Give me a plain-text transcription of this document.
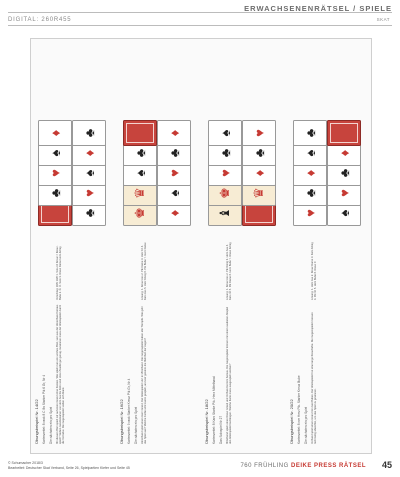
DIGITAL: 260R455
ERWACHSENENRÄTSEL / SPIELE
SKAT
Übungsbeispiel Nr. 14/22 Kartenzettel: 8 rank 8 C 8n Starker Pik 6 Gr, Nr 4 Die nächsten ein pro Spiel Mit diesem Blatt spielt wir auf einen Grand ohne Zweien. Wie spielt man ein solches Blatt, wer aus der Hinterhand heraus spielt? Sieben Gewinnkarten von Herz Ass bis Zehn sind ohne Zweifel gut genug. Gewinnen muss der Alleinspieler durch die Vorrücke. Die Gegenspieler stellen sich blank.
Vorschlag: 18/3 13/8 1. Solo-10 Kreuz-7 Kreuz-Bube 2. D. Ö. Nein 3. Kreuz Dame Herz-König
♣
♥
♠
♦
♣
♥
♠
♦
♣
Übungsbeispiel Nr. 16/22 Kartenzettel: 9 rank Starker Kreuz Pik Gr, Nr 4 Die nächsten ein pro Spiel Hinterhand spielt einen Herz Grand, Der Alleinspieler sitzt in Mittelhand. Die Gegenspieler haben alle Trümpfe. Wie geht das Spiel aus? Welche Farbe wird zuerst gespielt, und wer gewinnt die Mehrheit der Augen?
Lösung: 1. Kreuz Ass 2. Pik Dame 3. Herz 10 4. Karo Ass 5. Herz König 6. Pik Bube 7. Herz Dame
♚
♛
♠
♣
♦
♠
♥
♣
♦
Übungsbeispiel Nr. 18/22 Kartenzettel: 8 Karo Starke Pik. Herz Mittelhand Das Solospiel Nr 27 Mittelhand spielt einen Kreuz Grand und Vorhand kommt heraus. Die Gegenspieler können mit einem sauberen Abspiel den Alleinspieler bedrängen. Welche Karte muss ausgespielt werden?
Lösung: 1. Kreuz Ass 2. Pik König 3. Herz Ass 4. Karo 10 5. Pik Dame 6. Herz Bube 7. Kreuz König
♝
♚
♥
♣
♠
♛
♦
♣
♥
Übungsbeispiel Nr. 20/22 Kartenzettel: 8 ner Herz Pik. Starker Kreuz Bube Die nächsten ein pro Spiel Vorhand spielt einen Grand mit zwei Buben. Der Alleinspieler hat eine lange Kreuzfarbe. Die Gegenspieler müssen rechtzeitig abwerfen, um das Spiel zu gewinnen.
Lösung: 1. Herz Ass 2. Kreuz Dame 3. Karo König 4. Pik 10 5. Herz Bube 6. Kreuz 9
♥
♣
♦
♠
♣
♠
♥
♣
♦
© Schumacher 2018/3
Bearbeitet: Deutscher Skat Verband, Seite 26, Spielpartien Kiefer und Seite 45	760 FRÜHLING DEIKE PRESS RÄTSEL 45
